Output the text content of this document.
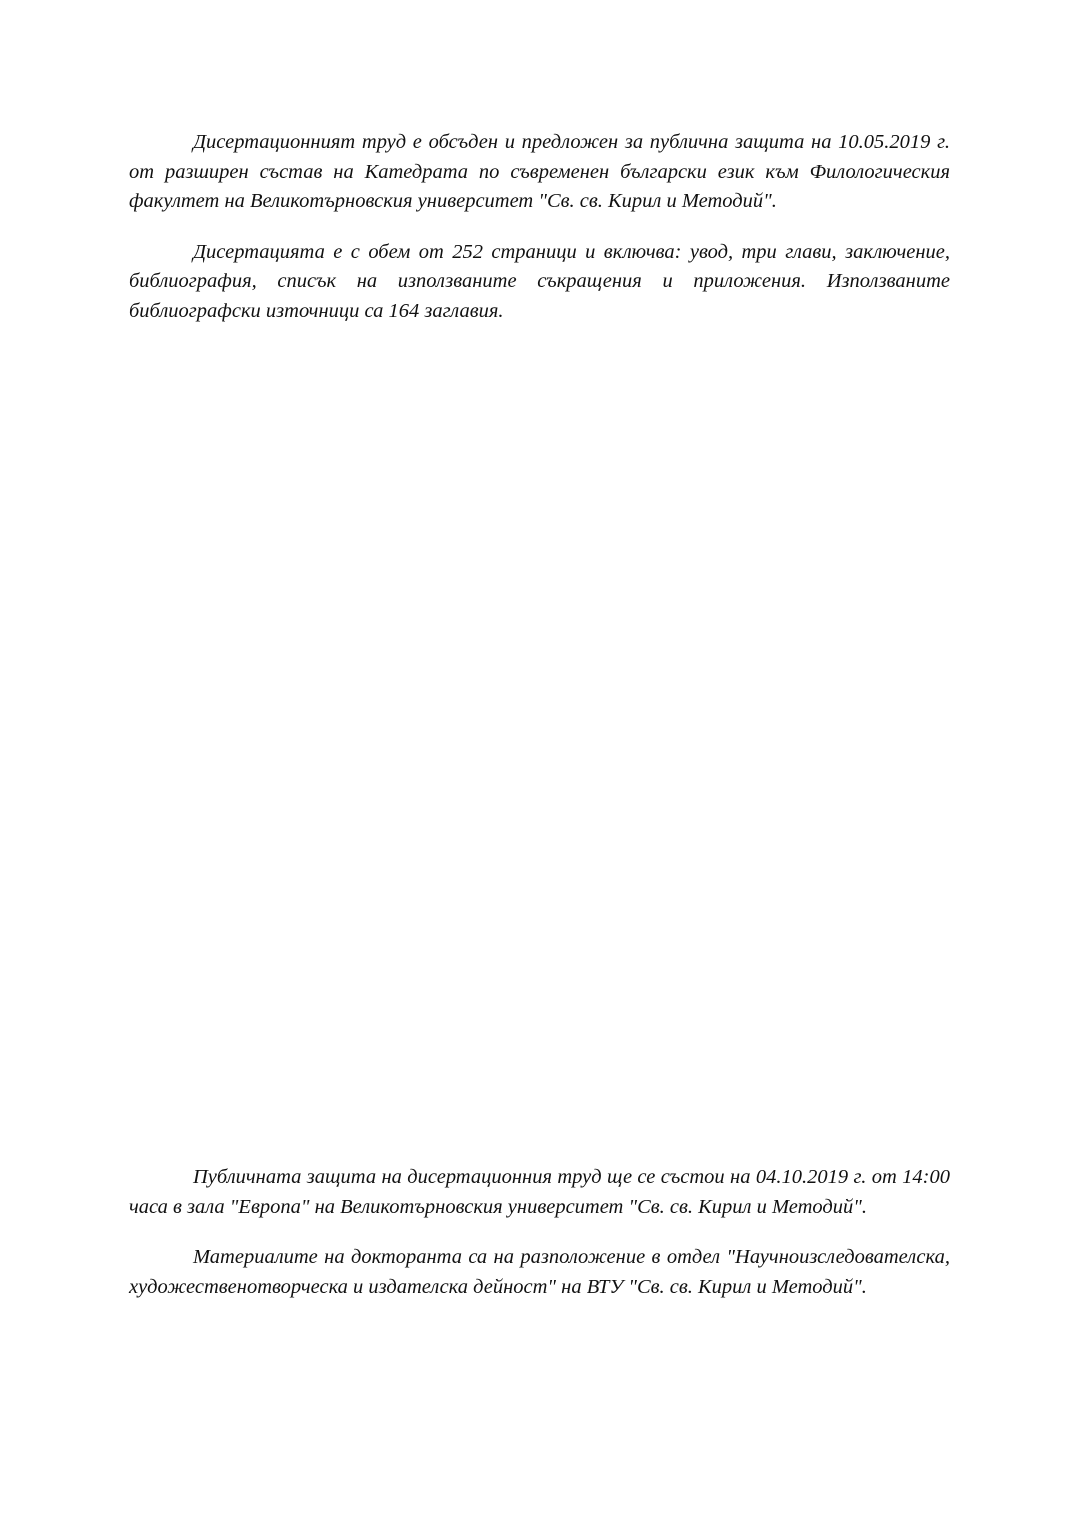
Дисертационният труд е обсъден и предложен за публична защита на 10.05.2019 г. от разширен състав на Катедрата по съвременен български език към Филологическия факултет на Великотърновския университет "Св. св. Кирил и Методий".

Дисертацията е с обем от 252 страници и включва: увод, три глави, заключение, библиография, списък на използваните съкращения и приложения. Използваните библиографски източници са 164 заглавия.

Публичната защита на дисертационния труд ще се състои на 04.10.2019 г. от 14:00 часа в зала "Европа" на Великотърновския университет "Св. св. Кирил и Методий".

Материалите на докторанта са на разположение в отдел "Научноизследователска, художественотворческа и издателска дейност" на ВТУ "Св. св. Кирил и Методий".
